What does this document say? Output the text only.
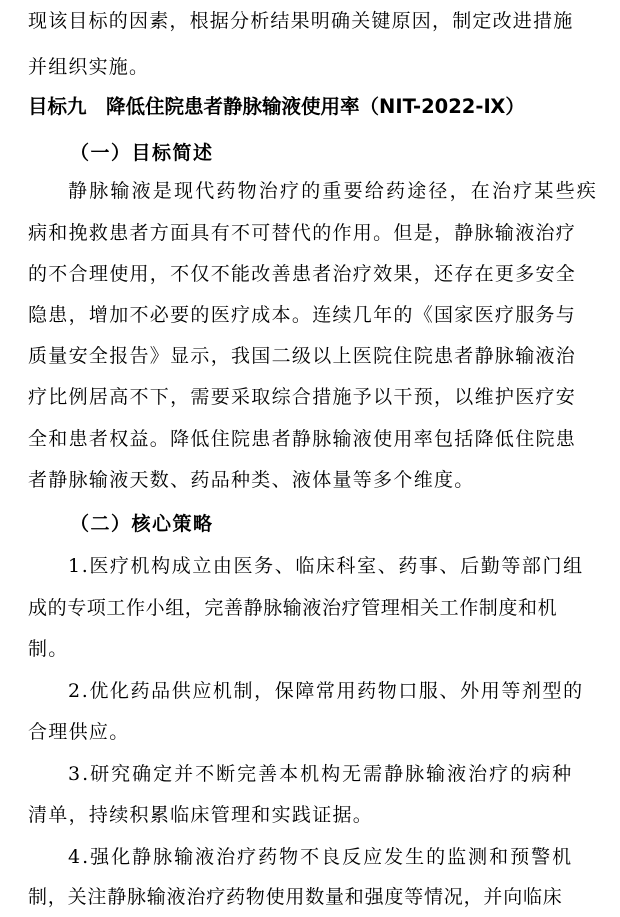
现该目标的因素，根据分析结果明确关键原因，制定改进措施
并组织实施。
目标九　降低住院患者静脉输液使用率（NIT-2022-Ⅸ）
（一）目标简述
静脉输液是现代药物治疗的重要给药途径，在治疗某些疾
病和挽救患者方面具有不可替代的作用。但是，静脉输液治疗
的不合理使用，不仅不能改善患者治疗效果，还存在更多安全
隐患，增加不必要的医疗成本。连续几年的《国家医疗服务与
质量安全报告》显示，我国二级以上医院住院患者静脉输液治
疗比例居高不下，需要采取综合措施予以干预，以维护医疗安
全和患者权益。降低住院患者静脉输液使用率包括降低住院患
者静脉输液天数、药品种类、液体量等多个维度。
（二）核心策略
1.医疗机构成立由医务、临床科室、药事、后勤等部门组
成的专项工作小组，完善静脉输液治疗管理相关工作制度和机
制。
2.优化药品供应机制，保障常用药物口服、外用等剂型的
合理供应。
3.研究确定并不断完善本机构无需静脉输液治疗的病种
清单，持续积累临床管理和实践证据。
4.强化静脉输液治疗药物不良反应发生的监测和预警机
制，关注静脉输液治疗药物使用数量和强度等情况，并向临床
